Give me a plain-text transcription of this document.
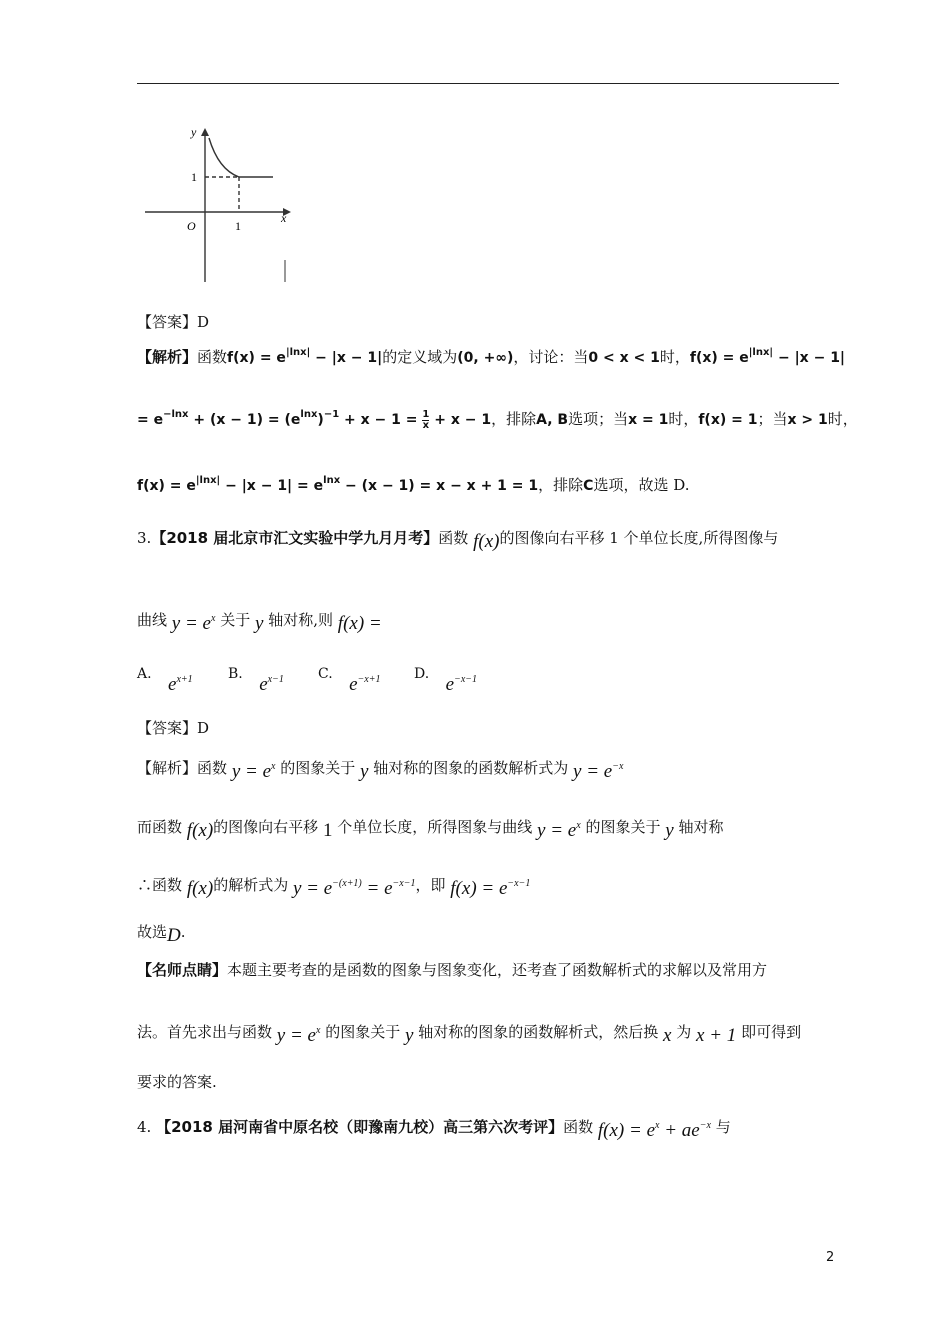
y
x
O	1
1
【答案】D
【解析】函数$f(x) = e^{|lnx|} - |x - 1|$的定义域为(0, +∞)，讨论：当0 < x < 1时，$f(x) = e^{|lnx|} - |x - 1|$
= $e^{-lnx} + (x - 1) = (e^{lnx})^{-1} + x - 1 = \frac{1}{x} + x - 1$，排除A, B选项；当x = 1时，f(x) = 1；当x > 1时，
$f(x) = e^{|lnx|} - |x - 1| = e^{lnx} - (x - 1) = x - x + 1 = 1$，排除C选项，故选 D.
3.【2018 届北京市汇文实验中学九月月考】函数 f(x)的图像向右平移 1 个单位长度,所得图像与
曲线 $y = e^x$ 关于 y 轴对称,则 f(x) =
A. $e^{x+1}$	B. $e^{x-1}$ C. $e^{-x+1}$ D. $e^{-x-1}$
【答案】D
【解析】函数 $y = e^x$ 的图象关于 y 轴对称的图象的函数解析式为 $y = e^{-x}$
而函数 f(x)的图像向右平移 1 个单位长度，所得图象与曲线 $y = e^x$ 的图象关于 y 轴对称
∴函数 f(x)的解析式为 $y = e^{-(x+1)} = e^{-x-1}$，即 $f(x) = e^{-x-1}$
故选D.
【名师点睛】本题主要考查的是函数的图象与图象变化，还考查了函数解析式的求解以及常用方
法。首先求出与函数 $y = e^x$ 的图象关于 y 轴对称的图象的函数解析式，然后换 x 为 x + 1 即可得到
要求的答案.
4. 【2018 届河南省中原名校（即豫南九校）高三第六次考评】函数 $f(x) = e^x + ae^{-x}$ 与
2
